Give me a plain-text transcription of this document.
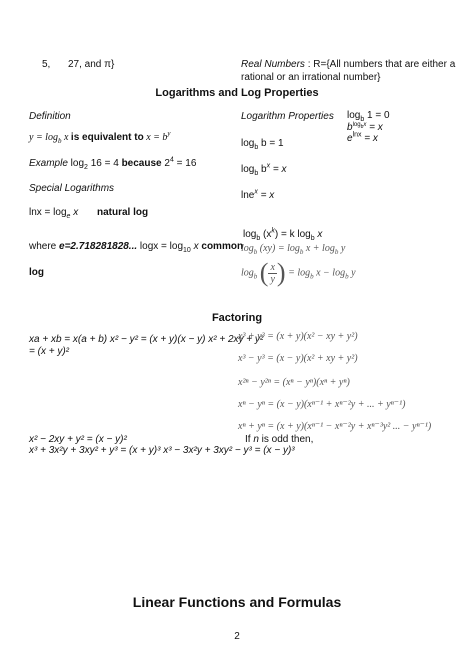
5, 27, and π}	Real Numbers : R={All numbers that are either a
rational or an irrational number}
Logarithms and Log Properties
Definition
$y = \log_b x$ is equivalent to $x = b^y$
Example $\log_2 16 = 4$ because $2^4 = 16$
Special Logarithms
$\ln x = \log_e x$ natural log
where e=2.718281828... $\log x = \log_{10} x$ common
log
Logarithm Properties
$\log_b b = 1$
$\log_b b^x = x$
lne$^x$ = x
$\log_b 1 = 0$
$b^{log_bx} = x$
$e^{lnx} = x$
$\log_b (x^k) = k$ $\log_b x$
$\log_b (xy) = \log_b x + \log_b y$
$\log_b$ ( $\frac{x}{y}$ ) = $\log_b x - \log_b y$
Factoring
xa + xb = x(a + b) x² − y² = (x + y)(x − y) x² + 2xy + y²
= (x + y)²
x³ + y³ = (x + y)(x² − xy + y²)
x³ − y³ = (x − y)(x² + xy + y²)
x²ⁿ − y²ⁿ = (xⁿ − yⁿ)(xⁿ + yⁿ)
xⁿ − yⁿ = (x − y)(xⁿ⁻¹ + xⁿ⁻²y + ... + yⁿ⁻¹)
xⁿ + yⁿ = (x + y)(xⁿ⁻¹ − xⁿ⁻²y + xⁿ⁻³y² ... − yⁿ⁻¹)
x² − 2xy + y² = (x − y)²	If n is odd then,
x³ + 3x²y + 3xy² + y³ = (x + y)³ x³ − 3x²y + 3xy² − y³ = (x − y)³
Linear Functions and Formulas
2
